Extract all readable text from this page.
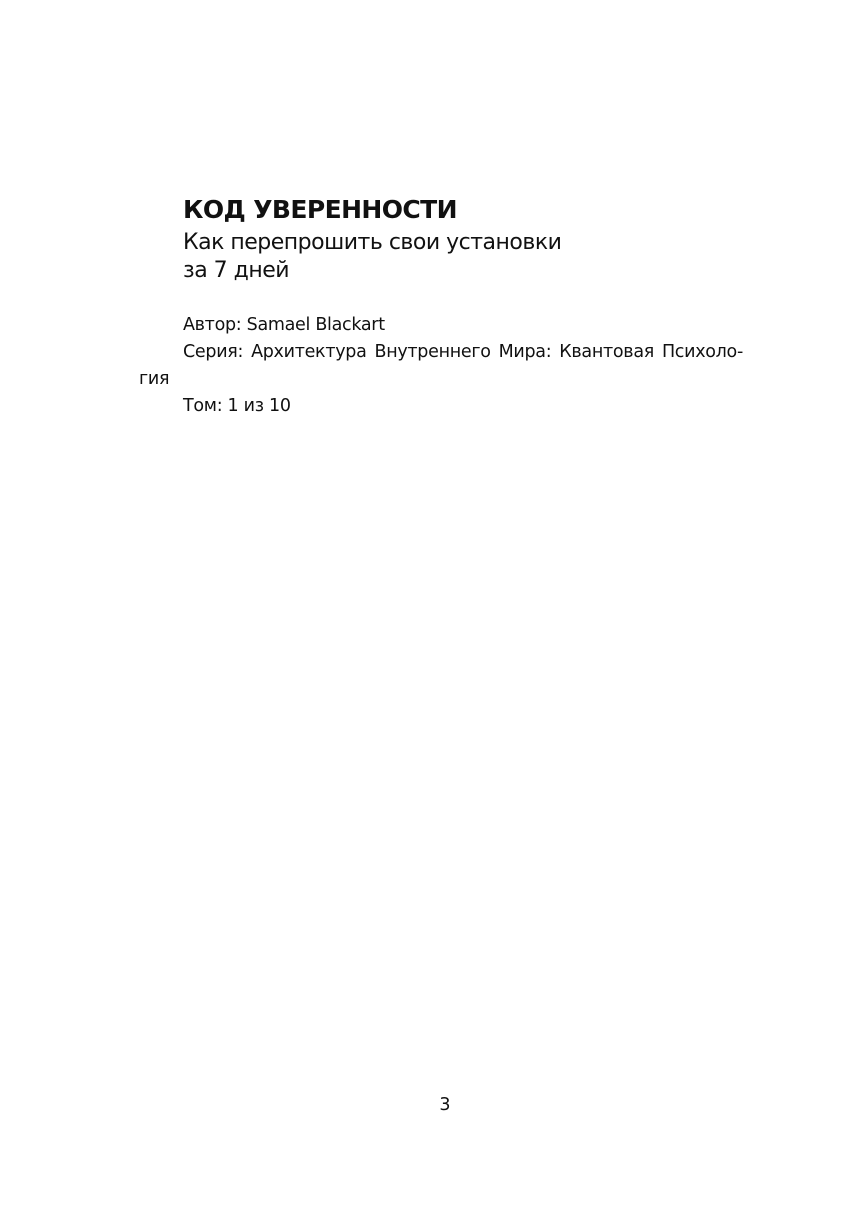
КОД УВЕРЕННОСТИ
Как перепрошить свои установки
за 7 дней
Автор: Samael Blackart
Серия: Архитектура Внутреннего Мира: Квантовая Психоло-
гия
Том: 1 из 10
3
